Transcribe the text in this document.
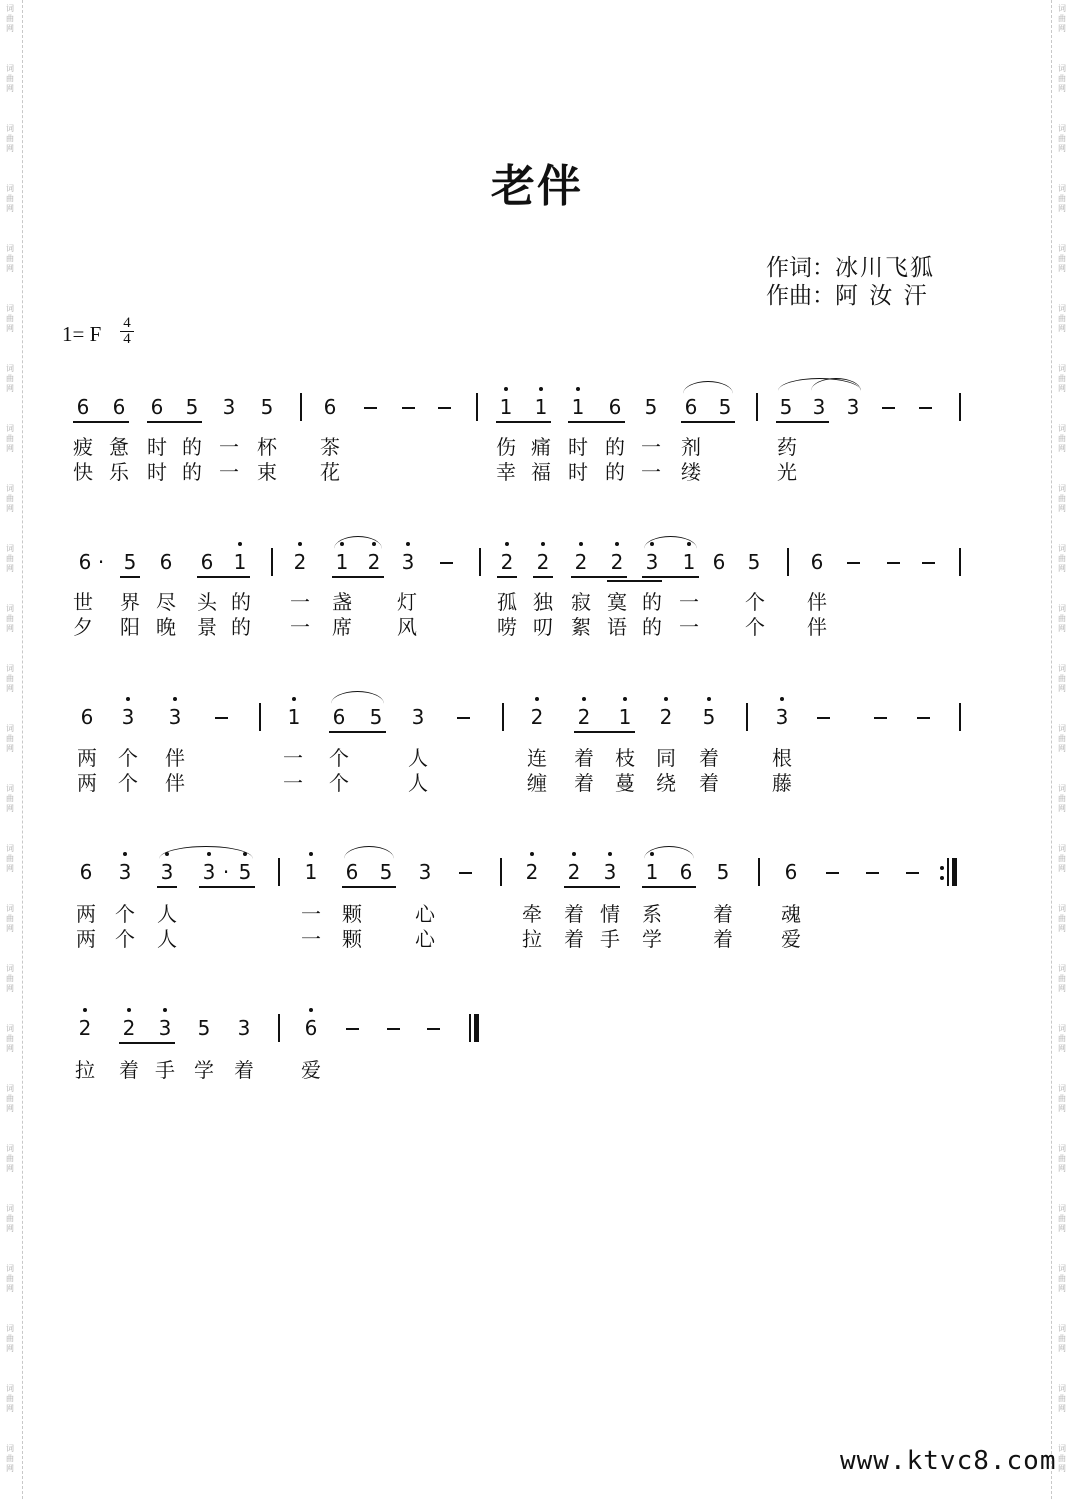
词
曲
网
词
曲
网
词
曲
网
词
曲
网
词
曲
网
词
曲
网
词
曲
网
词
曲
网
词
曲
网
词
曲
网
词
曲
网
词
曲
网
词
曲
网
词
曲
网
词
曲
网
词
曲
网
词
曲
网
词
曲
网
词
曲
网
词
曲
网
词
曲
网
词
曲
网
词
曲
网
词
曲
网
词
曲
网
词
曲
网
词
曲
网
词
曲
网
词
曲
网
词
曲
网
词
曲
网
词
曲
网
词
曲
网
词
曲
网
词
曲
网
词
曲
网
词
曲
网
词
曲
网
词
曲
网
词
曲
网
词
曲
网
词
曲
网
词
曲
网
词
曲
网
词
曲
网
词
曲
网
词
曲
网
词
曲
网
词
曲
网
词
曲
网
老伴
作词：冰川飞狐
作曲：阿 汝 汗
1= F $\frac{4}{4}$
6 6 6 5 3 5	6	1 1 1 6 5 6 5 5 3 3
疲 惫 时 的 一 杯 茶	伤 痛 时 的 一 剂	药
快 乐 时 的 一 束 花	幸 福 时 的 一 缕	光
6 · 5 6 6 1 2 1 2 3	2 2 2 2 3 1 6 5	6
世 界 尽 头 的 一 盏 灯	孤 独 寂 寞 的 一 个 伴
夕 阳 晚 景 的 一 席 风	唠 叨 絮 语 的 一 个 伴
6 3 3	1 6 5 3	2 2 1 2 5	3
两 个 伴	一 个	人	连 着 枝 同 着	根
两 个 伴	一 个	人	缠 着 蔓 绕 着	藤
6 3 3 3 · 5	1 6 5 3	2 2 3 1 6 5	6
两 个 人	一 颗	心	牵 着 情 系	着 魂
两 个 人	一 颗	心	拉 着 手 学	着 爱
2 2 3 5 3	6
拉 着 手 学 着 爱
www.ktvc8.com
